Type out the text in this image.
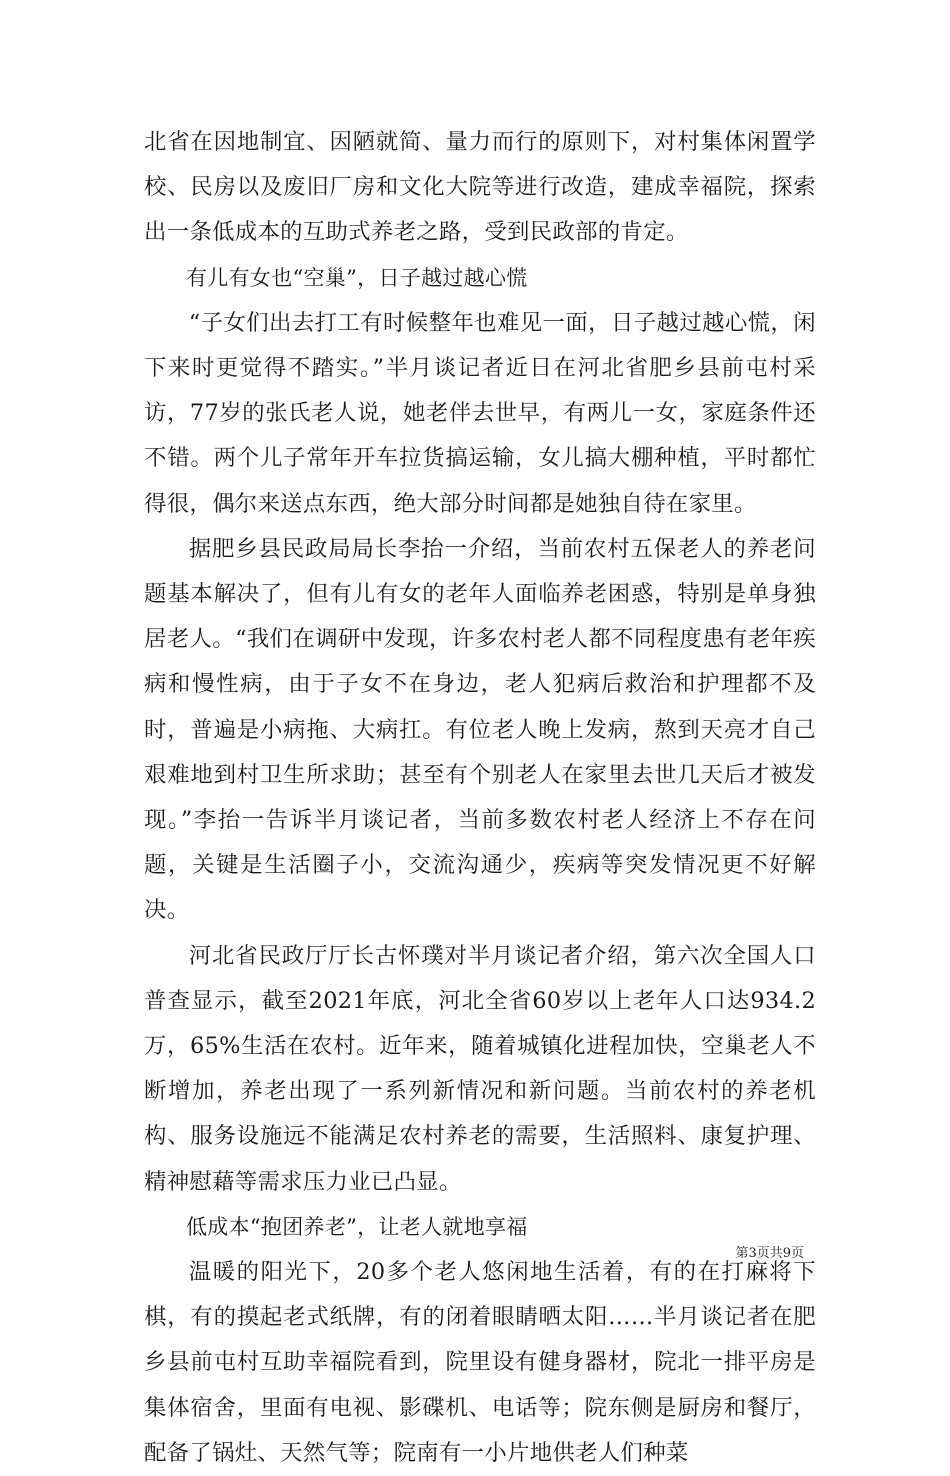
北省在因地制宜、因陋就简、量力而行的原则下，对村集体闲置学校、民房以及废旧厂房和文化大院等进行改造，建成幸福院，探索出一条低成本的互助式养老之路，受到民政部的肯定。

有儿有女也“空巢”，日子越过越心慌

“子女们出去打工有时候整年也难见一面，日子越过越心慌，闲下来时更觉得不踏实。”半月谈记者近日在河北省肥乡县前屯村采访，77岁的张氏老人说，她老伴去世早，有两儿一女，家庭条件还不错。两个儿子常年开车拉货搞运输，女儿搞大棚种植，平时都忙得很，偶尔来送点东西，绝大部分时间都是她独自待在家里。

据肥乡县民政局局长李抬一介绍，当前农村五保老人的养老问题基本解决了，但有儿有女的老年人面临养老困惑，特别是单身独居老人。“我们在调研中发现，许多农村老人都不同程度患有老年疾病和慢性病，由于子女不在身边，老人犯病后救治和护理都不及时，普遍是小病拖、大病扛。有位老人晚上发病，熬到天亮才自己艰难地到村卫生所求助；甚至有个别老人在家里去世几天后才被发现。”李抬一告诉半月谈记者，当前多数农村老人经济上不存在问题，关键是生活圈子小，交流沟通少，疾病等突发情况更不好解决。

河北省民政厅厅长古怀璞对半月谈记者介绍，第六次全国人口普查显示，截至2021年底，河北全省60岁以上老年人口达934.2万，65%生活在农村。近年来，随着城镇化进程加快，空巢老人不断增加，养老出现了一系列新情况和新问题。当前农村的养老机构、服务设施远不能满足农村养老的需要，生活照料、康复护理、精神慰藉等需求压力业已凸显。

低成本“抱团养老”，让老人就地享福

温暖的阳光下，20多个老人悠闲地生活着，有的在打麻将下棋，有的摸起老式纸牌，有的闭着眼睛晒太阳……半月谈记者在肥乡县前屯村互助幸福院看到，院里设有健身器材，院北一排平房是集体宿舍，里面有电视、影碟机、电话等；院东侧是厨房和餐厅，配备了锅灶、天然气等；院南有一小片地供老人们种菜

第3页共9页
